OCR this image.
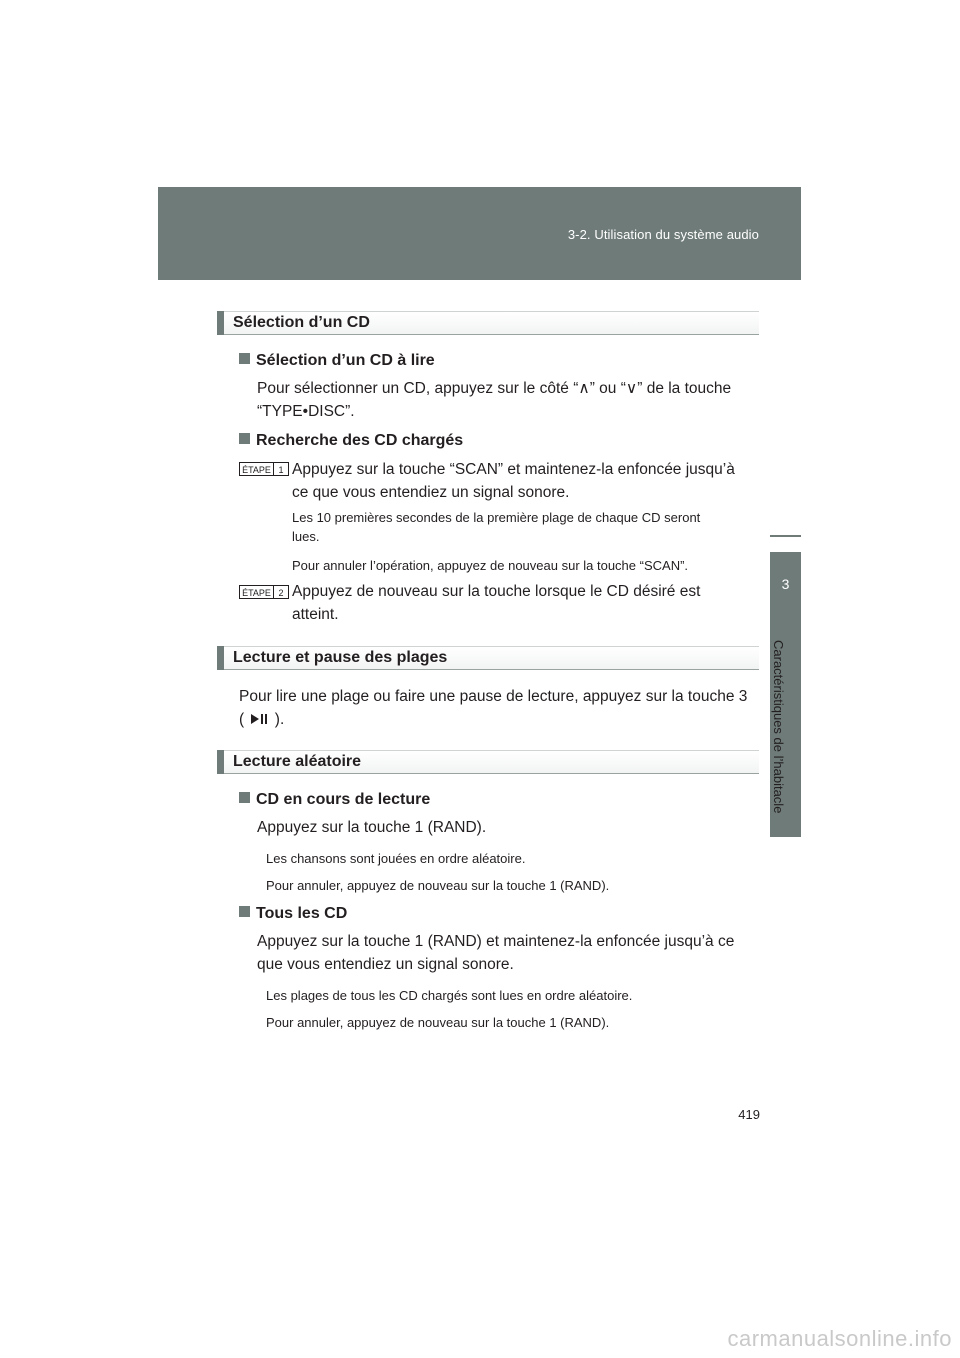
3-2. Utilisation du système audio
3
Caractéristiques de l’habitacle
Sélection d’un CD
Sélection d’un CD à lire
Pour sélectionner un CD, appuyez sur le côté “∧” ou “∨” de la touche
“TYPE•DISC”.
Recherche des CD chargés
ÉTAPE 1 Appuyez sur la touche “SCAN” et maintenez-la enfoncée jusqu’à
ce que vous entendiez un signal sonore.
Les 10 premières secondes de la première plage de chaque CD seront
lues.
Pour annuler l’opération, appuyez de nouveau sur la touche “SCAN”.
ÉTAPE 2 Appuyez de nouveau sur la touche lorsque le CD désiré est
atteint.
Lecture et pause des plages
Pour lire une plage ou faire une pause de lecture, appuyez sur la touche 3
( ).
Lecture aléatoire
CD en cours de lecture
Appuyez sur la touche 1 (RAND).
Les chansons sont jouées en ordre aléatoire.
Pour annuler, appuyez de nouveau sur la touche 1 (RAND).
Tous les CD
Appuyez sur la touche 1 (RAND) et maintenez-la enfoncée jusqu’à ce
que vous entendiez un signal sonore.
Les plages de tous les CD chargés sont lues en ordre aléatoire.
Pour annuler, appuyez de nouveau sur la touche 1 (RAND).
419
carmanualsonline.info
